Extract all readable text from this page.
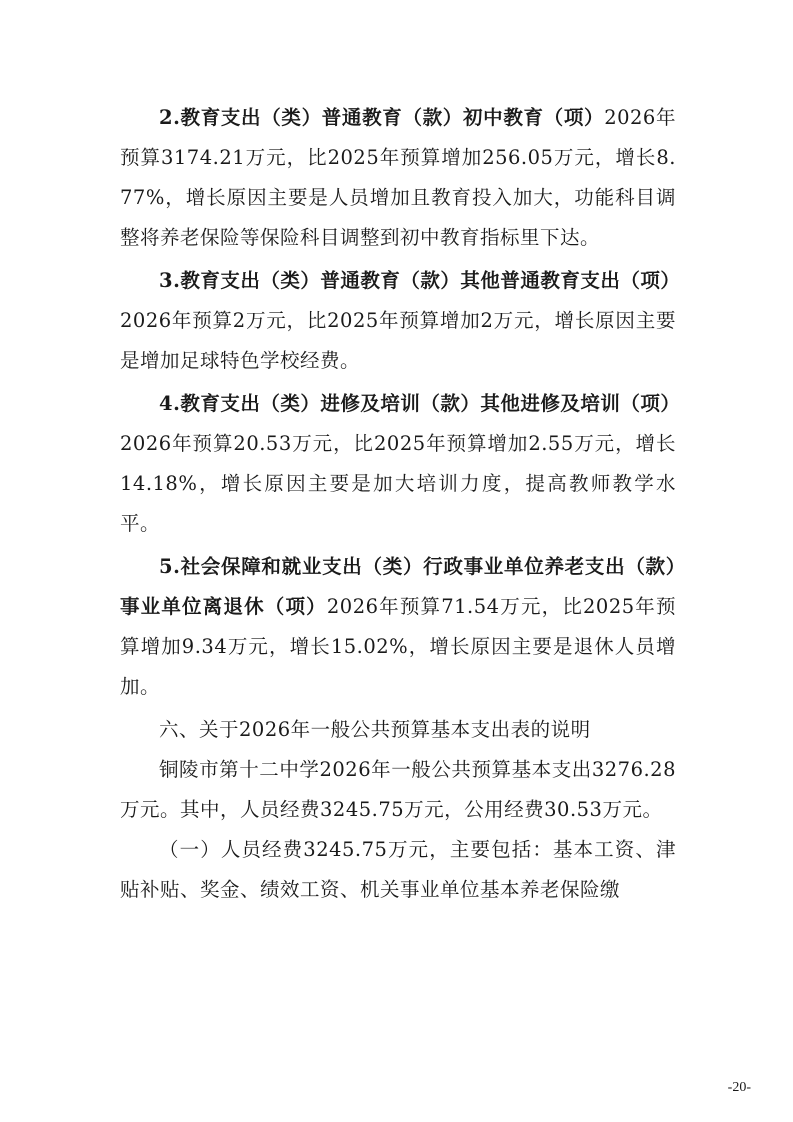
2.教育支出（类）普通教育（款）初中教育（项）2026年预算3174.21万元，比2025年预算增加256.05万元，增长8.77%，增长原因主要是人员增加且教育投入加大，功能科目调整将养老保险等保险科目调整到初中教育指标里下达。

3.教育支出（类）普通教育（款）其他普通教育支出（项）2026年预算2万元，比2025年预算增加2万元，增长原因主要是增加足球特色学校经费。

4.教育支出（类）进修及培训（款）其他进修及培训（项）2026年预算20.53万元，比2025年预算增加2.55万元，增长14.18%，增长原因主要是加大培训力度，提高教师教学水平。

5.社会保障和就业支出（类）行政事业单位养老支出（款）事业单位离退休（项）2026年预算71.54万元，比2025年预算增加9.34万元，增长15.02%，增长原因主要是退休人员增加。

六、关于2026年一般公共预算基本支出表的说明

铜陵市第十二中学2026年一般公共预算基本支出3276.28万元。其中，人员经费3245.75万元，公用经费30.53万元。

（一）人员经费3245.75万元，主要包括：基本工资、津贴补贴、奖金、绩效工资、机关事业单位基本养老保险缴

-20-
